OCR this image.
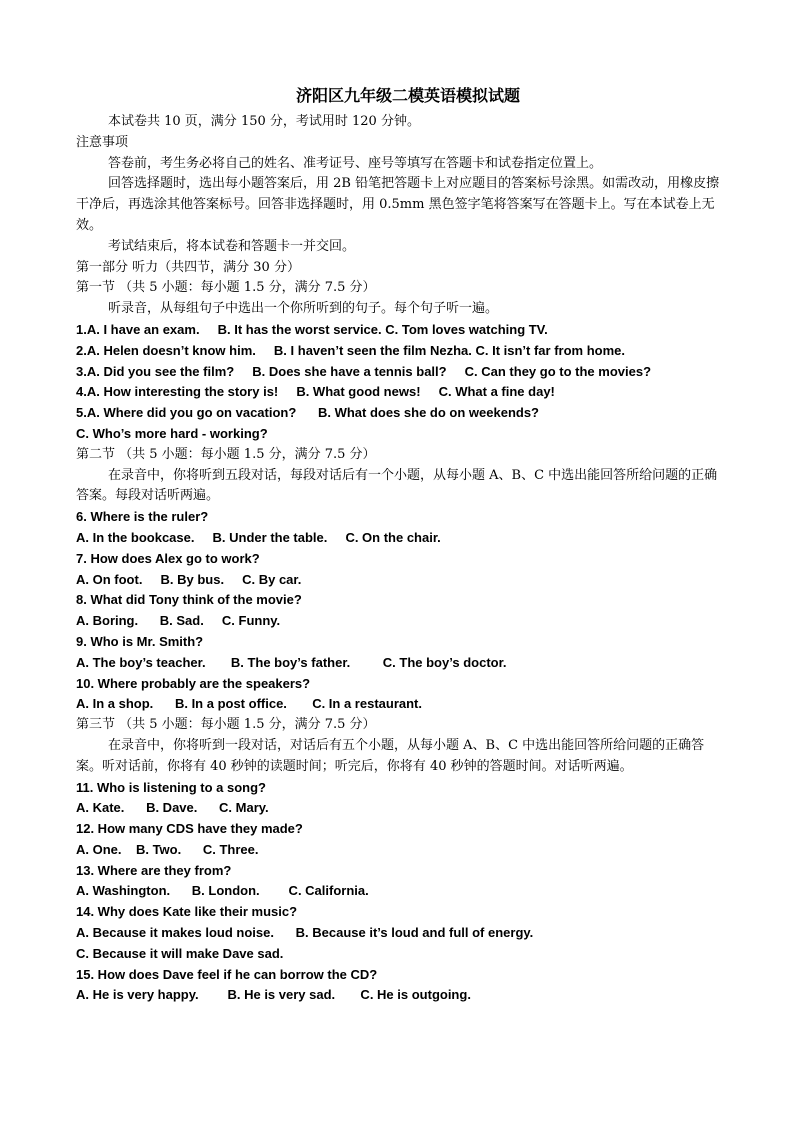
济阳区九年级二模英语模拟试题

本试卷共 10 页，满分 150 分，考试用时 120 分钟。

注意事项

答卷前，考生务必将自己的姓名、准考证号、座号等填写在答题卡和试卷指定位置上。

回答选择题时，选出每小题答案后，用 2B 铅笔把答题卡上对应题目的答案标号涂黑。如需改动，用橡皮擦干净后，再选涂其他答案标号。回答非选择题时，用 0.5mm 黑色签字笔将答案写在答题卡上。写在本试卷上无效。

考试结束后，将本试卷和答题卡一并交回。

第一部分 听力（共四节，满分 30 分）

第一节 （共 5 小题：每小题 1.5 分，满分 7.5 分）

听录音，从每组句子中选出一个你所听到的句子。每个句子听一遍。

1.A. I have an exam.     B. It has the worst service. C. Tom loves watching TV.

2.A. Helen doesn’t know him.     B. I haven’t seen the film Nezha. C. It isn’t far from home.

3.A. Did you see the film?     B. Does she have a tennis ball?     C. Can they go to the movies?

4.A. How interesting the story is!     B. What good news!     C. What a fine day!

5.A. Where did you go on vacation?      B. What does she do on weekends?

C. Who’s more hard - working?

第二节 （共 5 小题：每小题 1.5 分，满分 7.5 分）

在录音中，你将听到五段对话，每段对话后有一个小题，从每小题 A、B、C 中选出能回答所给问题的正确答案。每段对话听两遍。

6. Where is the ruler?

A. In the bookcase.     B. Under the table.     C. On the chair.

7. How does Alex go to work?

A. On foot.     B. By bus.     C. By car.

8. What did Tony think of the movie?

A. Boring.      B. Sad.     C. Funny.

9. Who is Mr. Smith?

A. The boy’s teacher.       B. The boy’s father.         C. The boy’s doctor.

10. Where probably are the speakers?

A. In a shop.      B. In a post office.       C. In a restaurant.

第三节 （共 5 小题：每小题 1.5 分，满分 7.5 分）

在录音中，你将听到一段对话，对话后有五个小题，从每小题 A、B、C 中选出能回答所给问题的正确答案。听对话前，你将有 40 秒钟的读题时间；听完后，你将有 40 秒钟的答题时间。对话听两遍。

11. Who is listening to a song?

A. Kate.      B. Dave.      C. Mary.

12. How many CDS have they made?

A. One.    B. Two.      C. Three.

13. Where are they from?

A. Washington.      B. London.        C. California.

14. Why does Kate like their music?

A. Because it makes loud noise.      B. Because it’s loud and full of energy.

C. Because it will make Dave sad.

15. How does Dave feel if he can borrow the CD?

A. He is very happy.        B. He is very sad.       C. He is outgoing.
